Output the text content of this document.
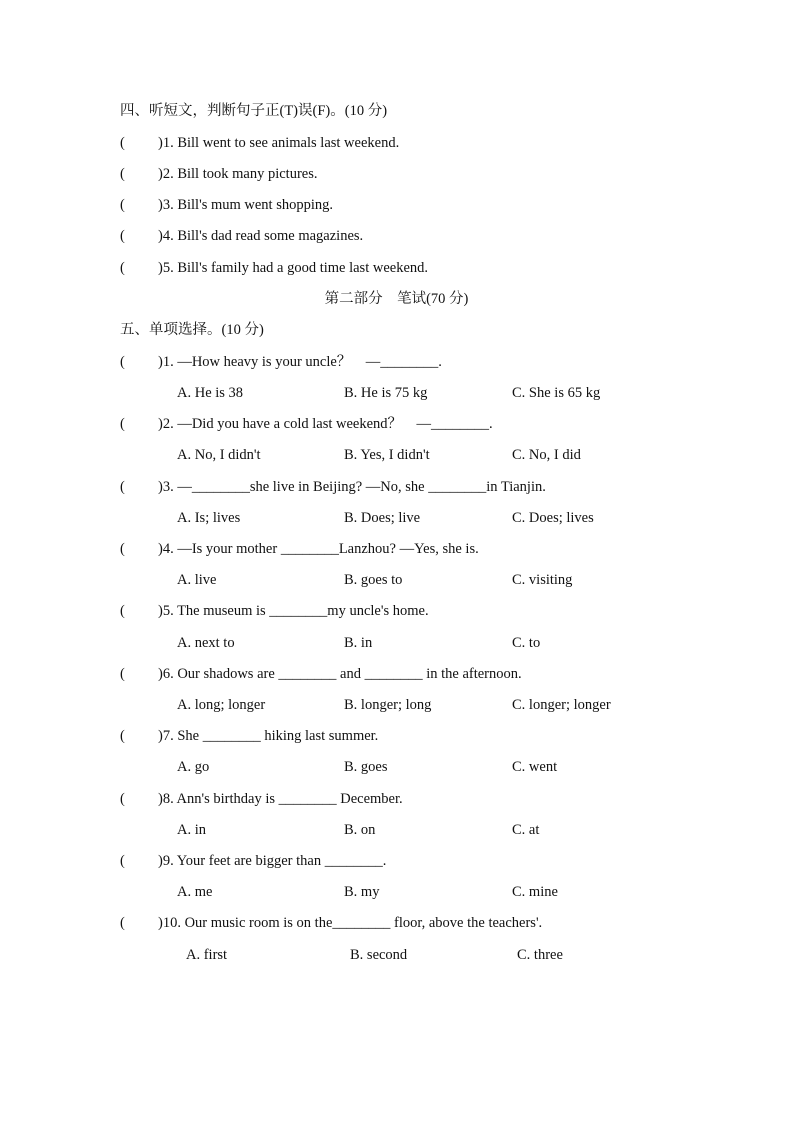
四、听短文，判断句子正(T)误(F)。(10 分)
( )1. Bill went to see animals last weekend.
( )2. Bill took many pictures.
( )3. Bill's mum went shopping.
( )4. Bill's dad read some magazines.
( )5. Bill's family had a good time last weekend.
第二部分　笔试(70 分)
五、单项选择。(10 分)
( )1. —How heavy is your uncle？　—________.
A. He is 38	B. He is 75 kg	C. She is 65 kg
( )2. —Did you have a cold last weekend？　—________.
A. No, I didn't	B. Yes, I didn't	C. No, I did
( )3. —________she live in Beijing? —No, she ________in Tianjin.
A. Is; lives	B. Does; live	C. Does; lives
( )4. —Is your mother ________Lanzhou? —Yes, she is.
A. live	B. goes to	C. visiting
( )5. The museum is ________my uncle's home.
A. next to	B. in	C. to
( )6. Our shadows are ________ and ________ in the afternoon.
A. long; longer	B. longer; long	C. longer; longer
( )7. She ________ hiking last summer.
A. go	B. goes	C. went
( )8. Ann's birthday is ________ December.
A. in	B. on	C. at
( )9. Your feet are bigger than ________.
A. me	B. my	C. mine
( )10. Our music room is on the________ floor, above the teachers'.
A. first	B. second	C. three
